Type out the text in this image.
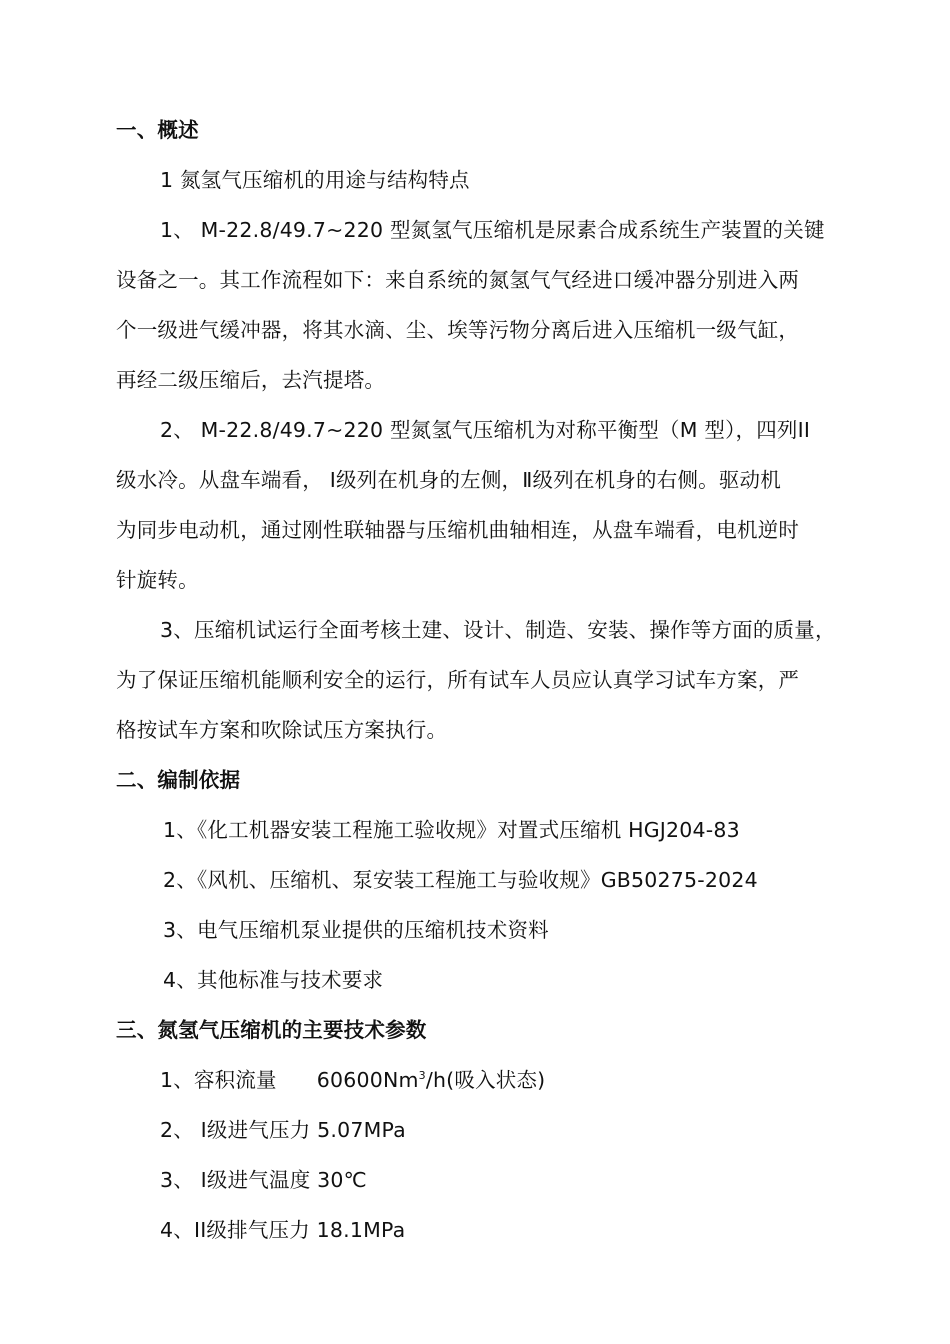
一、概述
1 氮氢气压缩机的用途与结构特点
1、 M-22.8/49.7~220 型氮氢气压缩机是尿素合成系统生产装置的关键
设备之一。其工作流程如下：来自系统的氮氢气气经进口缓冲器分别进入两
个一级进气缓冲器，将其水滴、尘、埃等污物分离后进入压缩机一级气缸，
再经二级压缩后，去汽提塔。
2、 M-22.8/49.7~220 型氮氢气压缩机为对称平衡型（M 型），四列II
级水冷。从盘车端看， Ⅰ级列在机身的左侧，Ⅱ级列在机身的右侧。驱动机
为同步电动机，通过刚性联轴器与压缩机曲轴相连，从盘车端看，电机逆时
针旋转。
3、压缩机试运行全面考核土建、设计、制造、安装、操作等方面的质量，
为了保证压缩机能顺利安全的运行，所有试车人员应认真学习试车方案，严
格按试车方案和吹除试压方案执行。
二、编制依据
1、《化工机器安装工程施工验收规》对置式压缩机 HGJ204-83
2、《风机、压缩机、泵安装工程施工与验收规》GB50275-2024
3、电气压缩机泵业提供的压缩机技术资料
4、其他标准与技术要求
三、氮氢气压缩机的主要技术参数
1、容积流量 60600Nm$^3$/h(吸入状态)
2、 Ⅰ级进气压力 5.07MPa
3、 Ⅰ级进气温度 30℃
4、II级排气压力 18.1MPa
